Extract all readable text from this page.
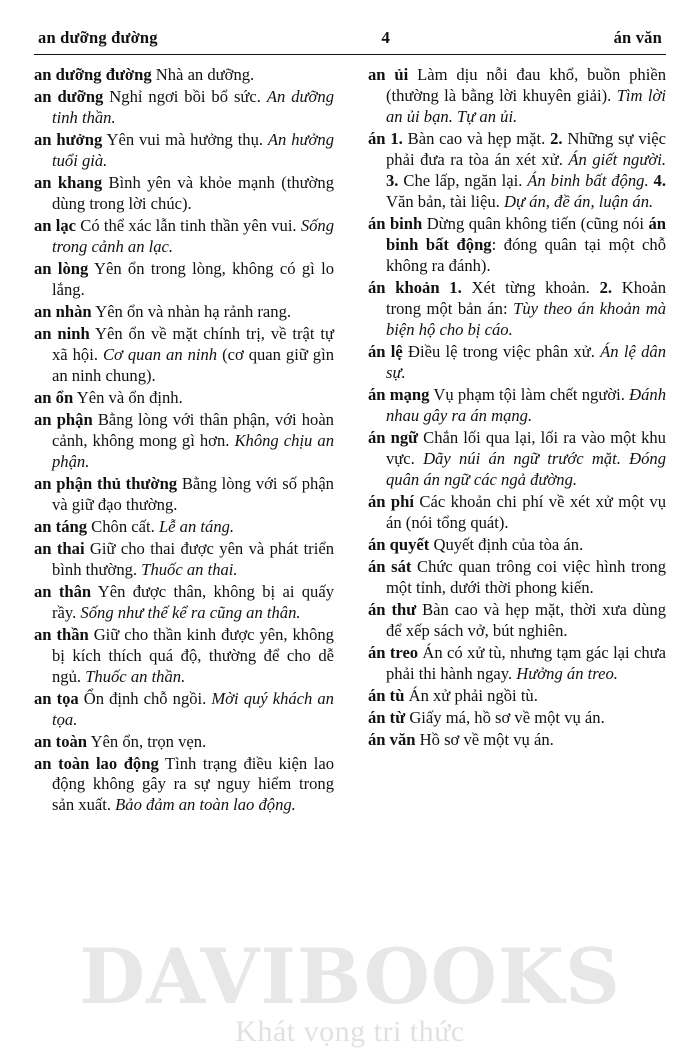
an dưỡng đường	4	án văn

an dưỡng đường Nhà an dưỡng.

an dưỡng Nghỉ ngơi bồi bổ sức. An dưỡng tinh thần.

an hưởng Yên vui mà hưởng thụ. An hưởng tuổi già.

an khang Bình yên và khỏe mạnh (thường dùng trong lời chúc).

an lạc Có thể xác lẫn tinh thần yên vui. Sống trong cảnh an lạc.

an lòng Yên ổn trong lòng, không có gì lo lắng.

an nhàn Yên ổn và nhàn hạ rảnh rang.

an ninh Yên ổn về mặt chính trị, về trật tự xã hội. Cơ quan an ninh (cơ quan giữ gìn an ninh chung).

an ổn Yên và ổn định.

an phận Bằng lòng với thân phận, với hoàn cảnh, không mong gì hơn. Không chịu an phận.

an phận thủ thường Bằng lòng với số phận và giữ đạo thường.

an táng Chôn cất. Lễ an táng.

an thai Giữ cho thai được yên và phát triển bình thường. Thuốc an thai.

an thân Yên được thân, không bị ai quấy rầy. Sống như thế kể ra cũng an thân.

an thần Giữ cho thần kinh được yên, không bị kích thích quá độ, thường để cho dễ ngủ. Thuốc an thần.

an tọa Ổn định chỗ ngồi. Mời quý khách an tọa.

an toàn Yên ổn, trọn vẹn.

an toàn lao động Tình trạng điều kiện lao động không gây ra sự nguy hiểm trong sản xuất. Bảo đảm an toàn lao động.

an ủi Làm dịu nỗi đau khổ, buồn phiền (thường là bằng lời khuyên giải). Tìm lời an ủi bạn. Tự an ủi.

án 1. Bàn cao và hẹp mặt. 2. Những sự việc phải đưa ra tòa án xét xử. Án giết người. 3. Che lấp, ngăn lại. Án binh bất động. 4. Văn bản, tài liệu. Dự án, đề án, luận án.

án binh Dừng quân không tiến (cũng nói án binh bất động: đóng quân tại một chỗ không ra đánh).

án khoản 1. Xét từng khoản. 2. Khoản trong một bản án: Tùy theo án khoản mà biện hộ cho bị cáo.

án lệ Điều lệ trong việc phân xử. Án lệ dân sự.

án mạng Vụ phạm tội làm chết người. Đánh nhau gây ra án mạng.

án ngữ Chắn lối qua lại, lối ra vào một khu vực. Dãy núi án ngữ trước mặt. Đóng quân án ngữ các ngả đường.

án phí Các khoản chi phí về xét xử một vụ án (nói tổng quát).

án quyết Quyết định của tòa án.

án sát Chức quan trông coi việc hình trong một tỉnh, dưới thời phong kiến.

án thư Bàn cao và hẹp mặt, thời xưa dùng để xếp sách vở, bút nghiên.

án treo Án có xử tù, nhưng tạm gác lại chưa phải thi hành ngay. Hưởng án treo.

án tù Án xử phải ngồi tù.

án từ Giấy má, hồ sơ về một vụ án.

án văn Hồ sơ về một vụ án.

DAVIBOOKS
Khát vọng tri thức
